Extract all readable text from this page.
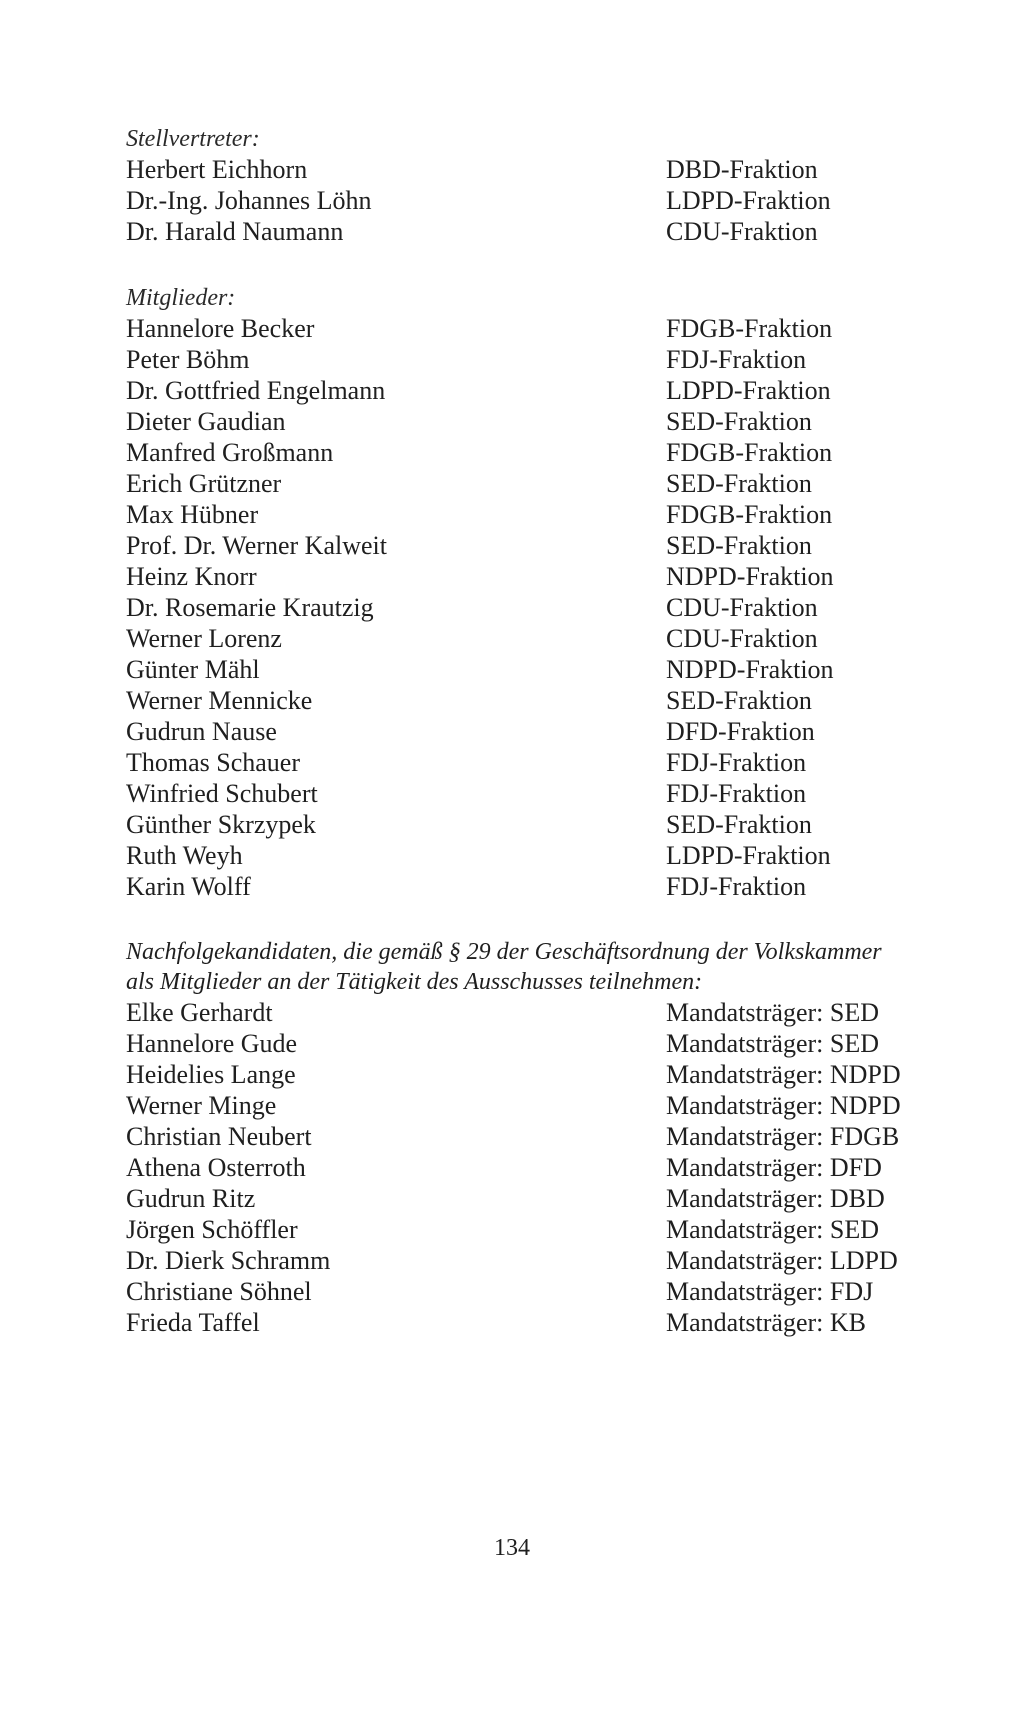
Stellvertreter:
Herbert Eichhorn	DBD-Fraktion
Dr.-Ing. Johannes Löhn	LDPD-Fraktion
Dr. Harald Naumann	CDU-Fraktion
Mitglieder:
Hannelore Becker	FDGB-Fraktion
Peter Böhm	FDJ-Fraktion
Dr. Gottfried Engelmann	LDPD-Fraktion
Dieter Gaudian	SED-Fraktion
Manfred Großmann	FDGB-Fraktion
Erich Grützner	SED-Fraktion
Max Hübner	FDGB-Fraktion
Prof. Dr. Werner Kalweit	SED-Fraktion
Heinz Knorr	NDPD-Fraktion
Dr. Rosemarie Krautzig	CDU-Fraktion
Werner Lorenz	CDU-Fraktion
Günter Mähl	NDPD-Fraktion
Werner Mennicke	SED-Fraktion
Gudrun Nause	DFD-Fraktion
Thomas Schauer	FDJ-Fraktion
Winfried Schubert	FDJ-Fraktion
Günther Skrzypek	SED-Fraktion
Ruth Weyh	LDPD-Fraktion
Karin Wolff	FDJ-Fraktion
Nachfolgekandidaten, die gemäß § 29 der Geschäftsordnung der Volkskammer
als Mitglieder an der Tätigkeit des Ausschusses teilnehmen:
Elke Gerhardt	Mandatsträger: SED
Hannelore Gude	Mandatsträger: SED
Heidelies Lange	Mandatsträger: NDPD
Werner Minge	Mandatsträger: NDPD
Christian Neubert	Mandatsträger: FDGB
Athena Osterroth	Mandatsträger: DFD
Gudrun Ritz	Mandatsträger: DBD
Jörgen Schöffler	Mandatsträger: SED
Dr. Dierk Schramm	Mandatsträger: LDPD
Christiane Söhnel	Mandatsträger: FDJ
Frieda Taffel	Mandatsträger: KB
134
